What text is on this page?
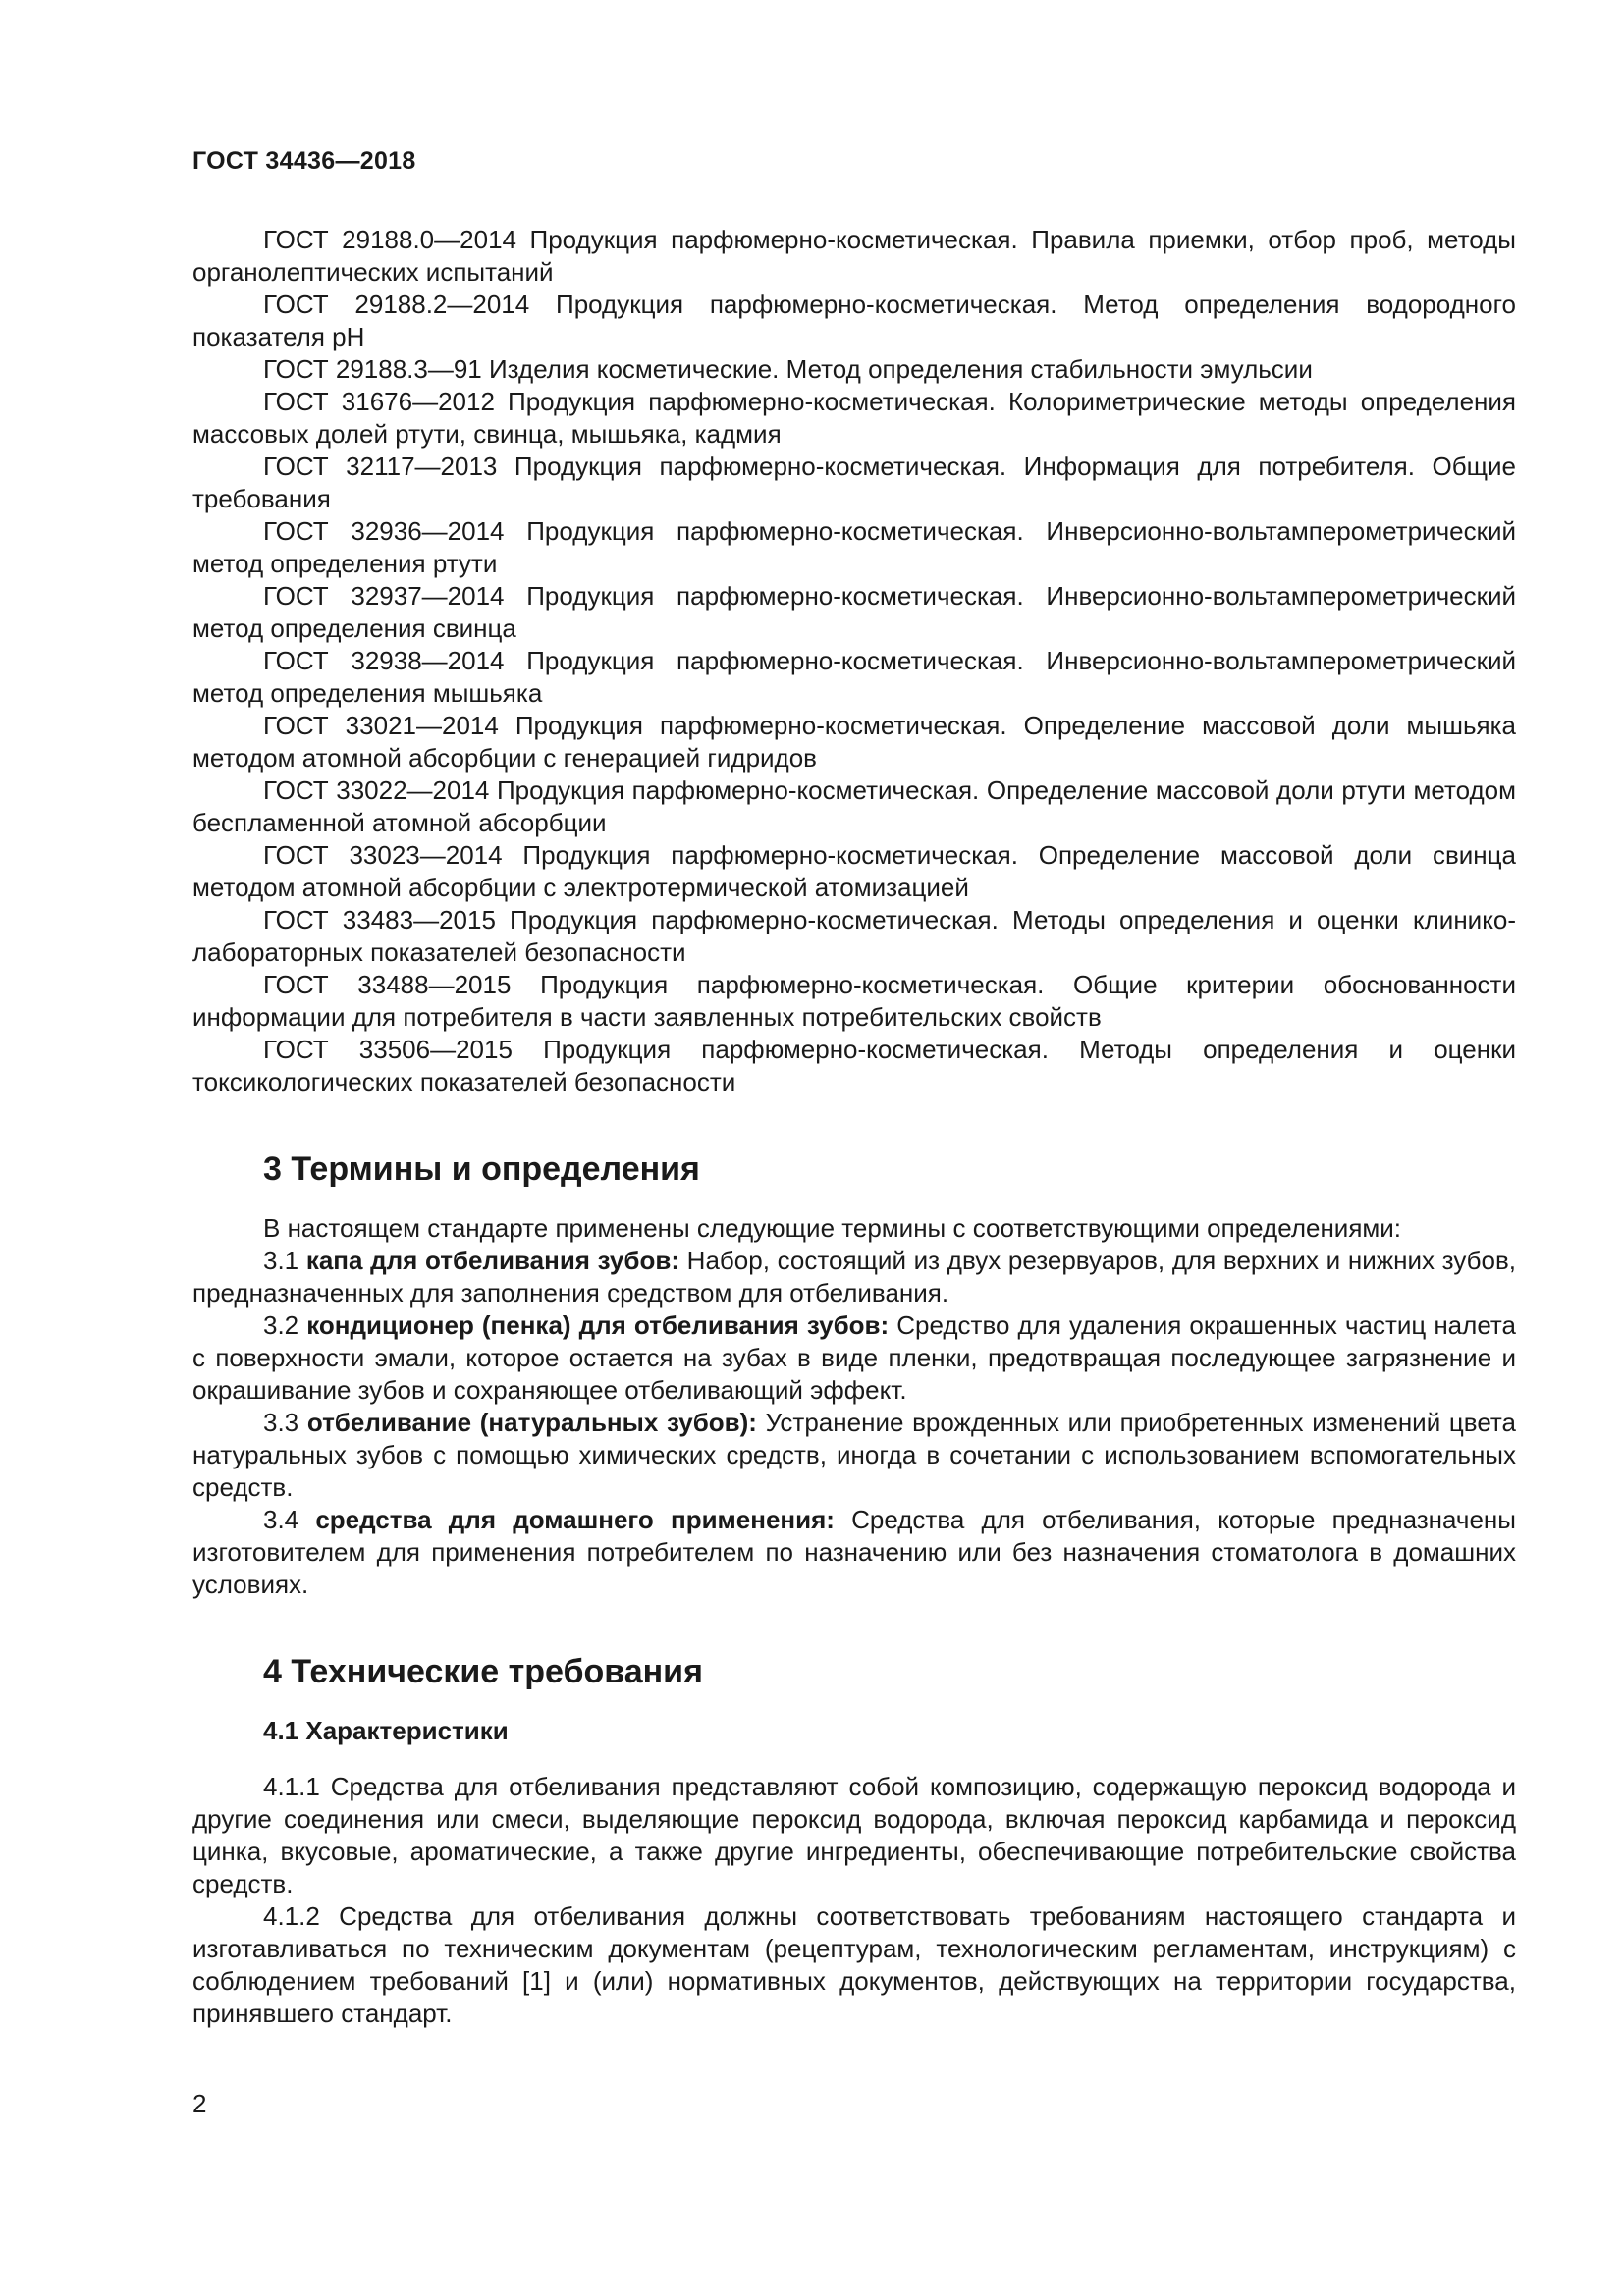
ГОСТ 34436—2018

ГОСТ 29188.0—2014 Продукция парфюмерно-косметическая. Правила приемки, отбор проб, методы органолептических испытаний

ГОСТ 29188.2—2014 Продукция парфюмерно-косметическая. Метод определения водородного показателя рН

ГОСТ 29188.3—91 Изделия косметические. Метод определения стабильности эмульсии

ГОСТ 31676—2012 Продукция парфюмерно-косметическая. Колориметрические методы определения массовых долей ртути, свинца, мышьяка, кадмия

ГОСТ 32117—2013 Продукция парфюмерно-косметическая. Информация для потребителя. Общие требования

ГОСТ 32936—2014 Продукция парфюмерно-косметическая. Инверсионно-вольтамперометрический метод определения ртути

ГОСТ 32937—2014 Продукция парфюмерно-косметическая. Инверсионно-вольтамперометрический метод определения свинца

ГОСТ 32938—2014 Продукция парфюмерно-косметическая. Инверсионно-вольтамперометрический метод определения мышьяка

ГОСТ 33021—2014 Продукция парфюмерно-косметическая. Определение массовой доли мышьяка методом атомной абсорбции с генерацией гидридов

ГОСТ 33022—2014 Продукция парфюмерно-косметическая. Определение массовой доли ртути методом беспламенной атомной абсорбции

ГОСТ 33023—2014 Продукция парфюмерно-косметическая. Определение массовой доли свинца методом атомной абсорбции с электротермической атомизацией

ГОСТ 33483—2015 Продукция парфюмерно-косметическая. Методы определения и оценки клинико-лабораторных показателей безопасности

ГОСТ 33488—2015 Продукция парфюмерно-косметическая. Общие критерии обоснованности информации для потребителя в части заявленных потребительских свойств

ГОСТ 33506—2015 Продукция парфюмерно-косметическая. Методы определения и оценки токсикологических показателей безопасности

3 Термины и определения

В настоящем стандарте применены следующие термины с соответствующими определениями:

3.1 капа для отбеливания зубов: Набор, состоящий из двух резервуаров, для верхних и нижних зубов, предназначенных для заполнения средством для отбеливания.

3.2 кондиционер (пенка) для отбеливания зубов: Средство для удаления окрашенных частиц налета с поверхности эмали, которое остается на зубах в виде пленки, предотвращая последующее загрязнение и окрашивание зубов и сохраняющее отбеливающий эффект.

3.3 отбеливание (натуральных зубов): Устранение врожденных или приобретенных изменений цвета натуральных зубов с помощью химических средств, иногда в сочетании с использованием вспомогательных средств.

3.4 средства для домашнего применения: Средства для отбеливания, которые предназначены изготовителем для применения потребителем по назначению или без назначения стоматолога в домашних условиях.

4 Технические требования
4.1 Характеристики

4.1.1 Средства для отбеливания представляют собой композицию, содержащую пероксид водорода и другие соединения или смеси, выделяющие пероксид водорода, включая пероксид карбамида и пероксид цинка, вкусовые, ароматические, а также другие ингредиенты, обеспечивающие потребительские свойства средств.

4.1.2 Средства для отбеливания должны соответствовать требованиям настоящего стандарта и изготавливаться по техническим документам (рецептурам, технологическим регламентам, инструкциям) с соблюдением требований [1] и (или) нормативных документов, действующих на территории государства, принявшего стандарт.

2
